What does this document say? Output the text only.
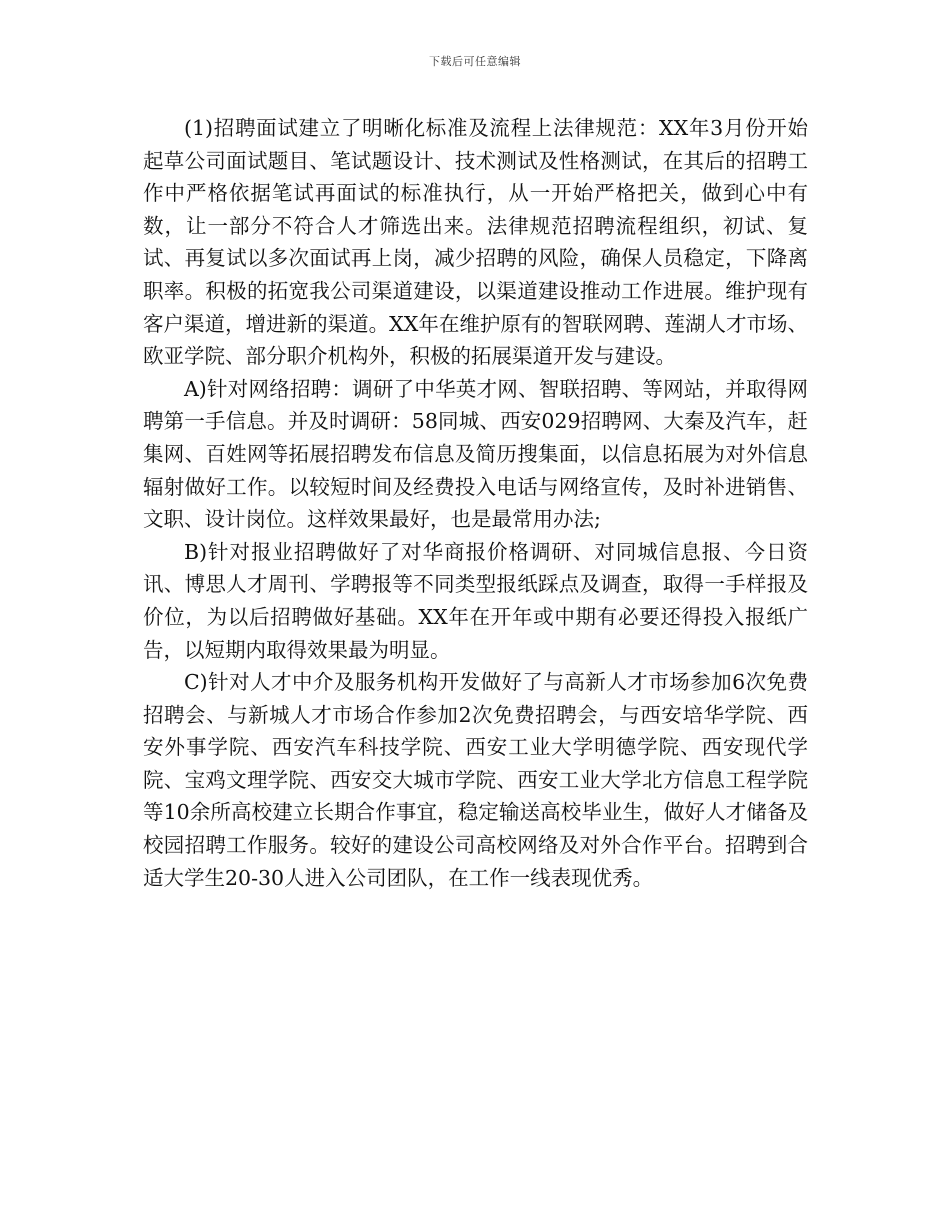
下载后可任意编辑

(1)招聘面试建立了明晰化标准及流程上法律规范：XX年3月份开始起草公司面试题目、笔试题设计、技术测试及性格测试，在其后的招聘工作中严格依据笔试再面试的标准执行，从一开始严格把关，做到心中有数，让一部分不符合人才筛选出来。法律规范招聘流程组织，初试、复试、再复试以多次面试再上岗，减少招聘的风险，确保人员稳定，下降离职率。积极的拓宽我公司渠道建设，以渠道建设推动工作进展。维护现有客户渠道，增进新的渠道。XX年在维护原有的智联网聘、莲湖人才市场、欧亚学院、部分职介机构外，积极的拓展渠道开发与建设。

A)针对网络招聘：调研了中华英才网、智联招聘、等网站，并取得网聘第一手信息。并及时调研：58同城、西安029招聘网、大秦及汽车，赶集网、百姓网等拓展招聘发布信息及简历搜集面，以信息拓展为对外信息辐射做好工作。以较短时间及经费投入电话与网络宣传，及时补进销售、文职、设计岗位。这样效果最好，也是最常用办法;

B)针对报业招聘做好了对华商报价格调研、对同城信息报、今日资讯、博思人才周刊、学聘报等不同类型报纸踩点及调查，取得一手样报及价位，为以后招聘做好基础。XX年在开年或中期有必要还得投入报纸广告，以短期内取得效果最为明显。

C)针对人才中介及服务机构开发做好了与高新人才市场参加6次免费招聘会、与新城人才市场合作参加2次免费招聘会，与西安培华学院、西安外事学院、西安汽车科技学院、西安工业大学明德学院、西安现代学院、宝鸡文理学院、西安交大城市学院、西安工业大学北方信息工程学院等10余所高校建立长期合作事宜，稳定输送高校毕业生，做好人才储备及校园招聘工作服务。较好的建设公司高校网络及对外合作平台。招聘到合适大学生20-30人进入公司团队，在工作一线表现优秀。
